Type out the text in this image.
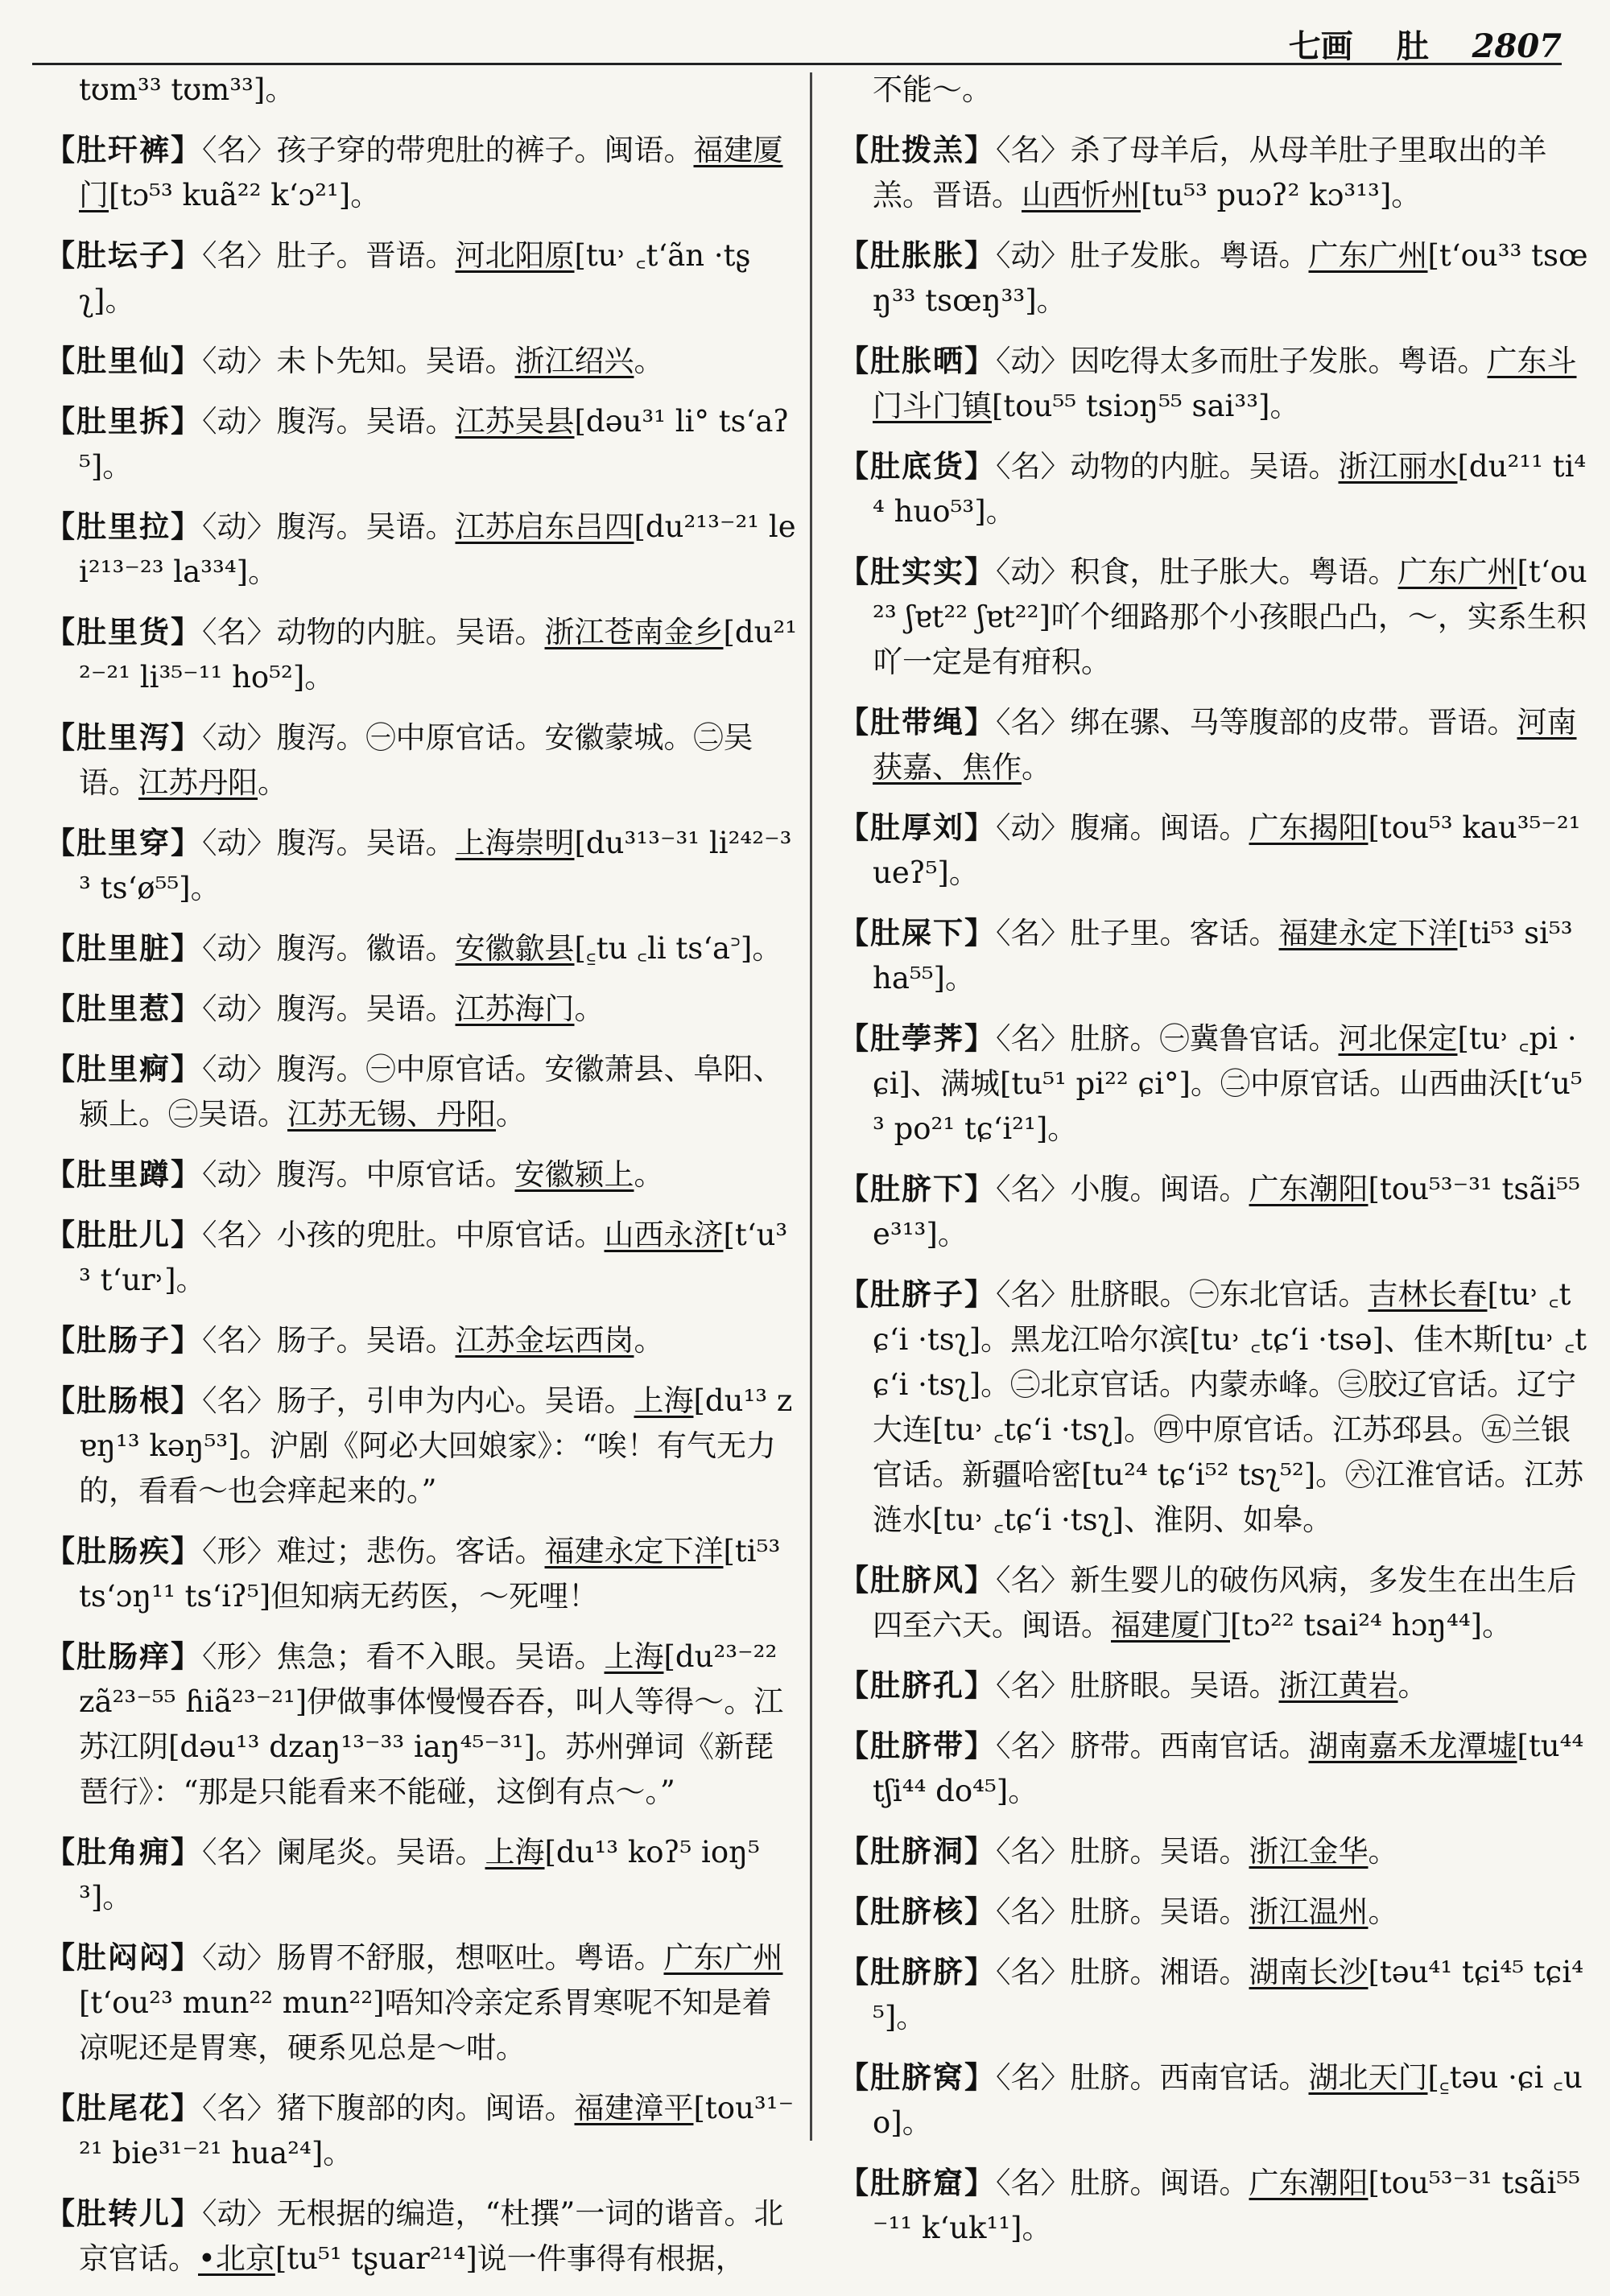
七画 肚 2807

tʊm³³ tʊm³³]。

【肚玕裤】〈名〉孩子穿的带兜肚的裤子。闽语。福建厦门[tɔ⁵³ kuã²² k‘ɔ²¹]。

【肚坛子】〈名〉肚子。晋语。河北阳原[tu˒ ꜀t‘ãn ·tʂʅ]。

【肚里仙】〈动〉未卜先知。吴语。浙江绍兴。

【肚里拆】〈动〉腹泻。吴语。江苏吴县[dəu³¹ li° ts‘aʔ⁵]。

【肚里拉】〈动〉腹泻。吴语。江苏启东吕四[du²¹³⁻²¹ lei²¹³⁻²³ la³³⁴]。

【肚里货】〈名〉动物的内脏。吴语。浙江苍南金乡[du²¹²⁻²¹ li³⁵⁻¹¹ ho⁵²]。

【肚里泻】〈动〉腹泻。㊀中原官话。安徽蒙城。㊁吴语。江苏丹阳。

【肚里穿】〈动〉腹泻。吴语。上海崇明[du³¹³⁻³¹ li²⁴²⁻³³ ts‘ø⁵⁵]。

【肚里脏】〈动〉腹泻。徽语。安徽歙县[꜁tu ꜀li ts‘a꜄]。

【肚里惹】〈动〉腹泻。吴语。江苏海门。

【肚里痾】〈动〉腹泻。㊀中原官话。安徽萧县、阜阳、颍上。㊁吴语。江苏无锡、丹阳。

【肚里蹲】〈动〉腹泻。中原官话。安徽颍上。

【肚肚儿】〈名〉小孩的兜肚。中原官话。山西永济[t‘u³³ t‘ur˒]。

【肚肠子】〈名〉肠子。吴语。江苏金坛西岗。

【肚肠根】〈名〉肠子，引申为内心。吴语。上海[du¹³ zɐŋ¹³ kəŋ⁵³]。沪剧《阿必大回娘家》：“唉！有气无力的，看看～也会痒起来的。”

【肚肠疾】〈形〉难过；悲伤。客话。福建永定下洋[ti⁵³ ts‘ɔŋ¹¹ ts‘iʔ⁵]但知病无药医，～死哩！

【肚肠痒】〈形〉焦急；看不入眼。吴语。上海[du²³⁻²² zã²³⁻⁵⁵ ɦiã²³⁻²¹]伊做事体慢慢吞吞，叫人等得～。江苏江阴[dəu¹³ dzaŋ¹³⁻³³ iaŋ⁴⁵⁻³¹]。苏州弹词《新琵琶行》：“那是只能看来不能碰，这倒有点～。”

【肚角痈】〈名〉阑尾炎。吴语。上海[du¹³ koʔ⁵ ioŋ⁵³]。

【肚闷闷】〈动〉肠胃不舒服，想呕吐。粤语。广东广州[t‘ou²³ mun²² mun²²]唔知冷亲定系胃寒呢不知是着凉呢还是胃寒，硬系见总是～咁。

【肚尾花】〈名〉猪下腹部的肉。闽语。福建漳平[tou³¹⁻²¹ bie³¹⁻²¹ hua²⁴]。

【肚转儿】〈动〉无根据的编造，“杜撰”一词的谐音。北京官话。•北京[tu⁵¹ tʂuar²¹⁴]说一件事得有根据，

不能～。

【肚拨羔】〈名〉杀了母羊后，从母羊肚子里取出的羊羔。晋语。山西忻州[tu⁵³ puɔʔ² kɔ³¹³]。

【肚胀胀】〈动〉肚子发胀。粤语。广东广州[t‘ou³³ tsœŋ³³ tsœŋ³³]。

【肚胀晒】〈动〉因吃得太多而肚子发胀。粤语。广东斗门斗门镇[tou⁵⁵ tsiɔŋ⁵⁵ sai³³]。

【肚底货】〈名〉动物的内脏。吴语。浙江丽水[du²¹¹ ti⁴⁴ huo⁵³]。

【肚实实】〈动〉积食，肚子胀大。粤语。广东广州[t‘ou²³ ʃɐt²² ʃɐt²²]吖个细路那个小孩眼凸凸，～，实系生积吖一定是有疳积。

【肚带绳】〈名〉绑在骡、马等腹部的皮带。晋语。河南获嘉、焦作。

【肚厚刘】〈动〉腹痛。闽语。广东揭阳[tou⁵³ kau³⁵⁻²¹ ueʔ⁵]。

【肚屎下】〈名〉肚子里。客话。福建永定下洋[ti⁵³ si⁵³ ha⁵⁵]。

【肚荸荠】〈名〉肚脐。㊀冀鲁官话。河北保定[tu˒ ꜀pi ·ɕi]、满城[tu⁵¹ pi²² ɕi°]。㊁中原官话。山西曲沃[t‘u⁵³ po²¹ tɕ‘i²¹]。

【肚脐下】〈名〉小腹。闽语。广东潮阳[tou⁵³⁻³¹ tsãi⁵⁵ e³¹³]。

【肚脐子】〈名〉肚脐眼。㊀东北官话。吉林长春[tu˒ ꜀tɕ‘i ·tsʅ]。黑龙江哈尔滨[tu˒ ꜀tɕ‘i ·tsə]、佳木斯[tu˒ ꜀tɕ‘i ·tsʅ]。㊁北京官话。内蒙赤峰。㊂胶辽官话。辽宁大连[tu˒ ꜀tɕ‘i ·tsʅ]。㊃中原官话。江苏邳县。㊄兰银官话。新疆哈密[tu²⁴ tɕ‘i⁵² tsʅ⁵²]。㊅江淮官话。江苏涟水[tu˒ ꜀tɕ‘i ·tsʅ]、淮阴、如皋。

【肚脐风】〈名〉新生婴儿的破伤风病，多发生在出生后四至六天。闽语。福建厦门[tɔ²² tsai²⁴ hɔŋ⁴⁴]。

【肚脐孔】〈名〉肚脐眼。吴语。浙江黄岩。

【肚脐带】〈名〉脐带。西南官话。湖南嘉禾龙潭墟[tu⁴⁴ tʃi⁴⁴ do⁴⁵]。

【肚脐洞】〈名〉肚脐。吴语。浙江金华。

【肚脐核】〈名〉肚脐。吴语。浙江温州。

【肚脐脐】〈名〉肚脐。湘语。湖南长沙[təu⁴¹ tɕi⁴⁵ tɕi⁴⁵]。

【肚脐窝】〈名〉肚脐。西南官话。湖北天门[꜁təu ·ɕi ꜀uo]。

【肚脐窟】〈名〉肚脐。闽语。广东潮阳[tou⁵³⁻³¹ tsãi⁵⁵⁻¹¹ k‘uk¹¹]。
